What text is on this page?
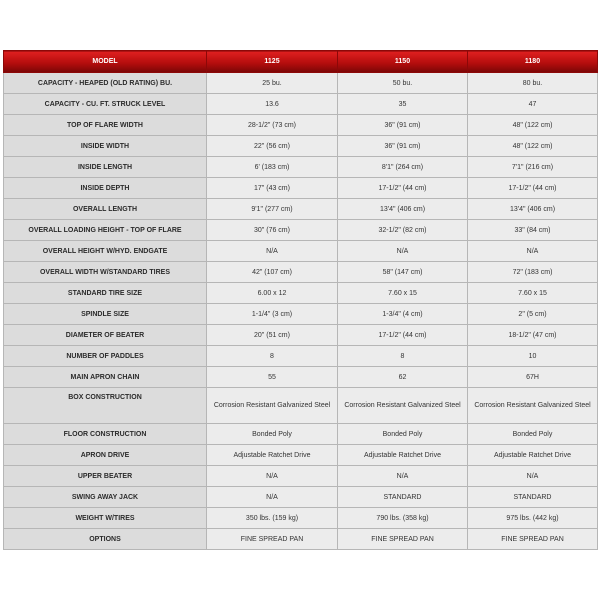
MODEL	1125	1150	1180
CAPACITY - HEAPED (OLD RATING) BU.	25 bu.	50 bu.	80 bu.
CAPACITY - CU. FT. STRUCK LEVEL	13.6	35	47
TOP OF FLARE WIDTH	28-1/2" (73 cm)	36" (91 cm)	48" (122 cm)
INSIDE WIDTH	22" (56 cm)	36" (91 cm)	48" (122 cm)
INSIDE LENGTH	6' (183 cm)	8'1" (264 cm)	7'1" (216 cm)
INSIDE DEPTH	17" (43 cm)	17-1/2" (44 cm)	17-1/2" (44 cm)
OVERALL LENGTH	9'1" (277 cm)	13'4" (406 cm)	13'4" (406 cm)
OVERALL LOADING HEIGHT - TOP OF FLARE	30" (76 cm)	32-1/2" (82 cm)	33" (84 cm)
OVERALL HEIGHT W/HYD. ENDGATE	N/A	N/A	N/A
OVERALL WIDTH W/STANDARD TIRES	42" (107 cm)	58" (147 cm)	72" (183 cm)
STANDARD TIRE SIZE	6.00 x 12	7.60 x 15	7.60 x 15
SPINDLE SIZE	1-1/4" (3 cm)	1-3/4" (4 cm)	2" (5 cm)
DIAMETER OF BEATER	20" (51 cm)	17-1/2" (44 cm)	18-1/2" (47 cm)
NUMBER OF PADDLES	8	8	10
MAIN APRON CHAIN	55	62	67H
BOX CONSTRUCTION	Corrosion Resistant Galvanized Steel	Corrosion Resistant Galvanized Steel	Corrosion Resistant Galvanized Steel
FLOOR CONSTRUCTION	Bonded Poly	Bonded Poly	Bonded Poly
APRON DRIVE	Adjustable Ratchet Drive	Adjustable Ratchet Drive	Adjustable Ratchet Drive
UPPER BEATER	N/A	N/A	N/A
SWING AWAY JACK	N/A	STANDARD	STANDARD
WEIGHT W/TIRES	350 lbs. (159 kg)	790 lbs. (358 kg)	975 lbs. (442 kg)
OPTIONS	FINE SPREAD PAN	FINE SPREAD PAN	FINE SPREAD PAN
